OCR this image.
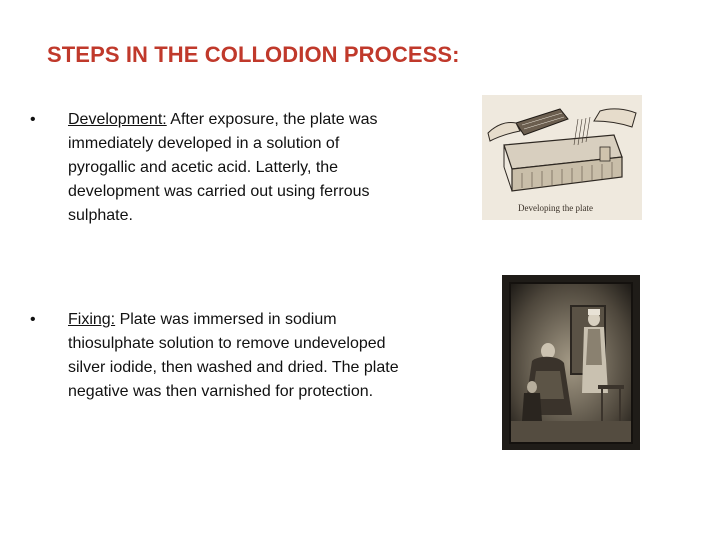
STEPS IN THE COLLODION PROCESS:
•	Development: After exposure, the plate was immediately developed in a solution of pyrogallic and acetic acid. Latterly, the development was carried out using ferrous sulphate.
•	Fixing: Plate was immersed in sodium thiosulphate solution to remove undeveloped silver iodide, then washed and dried. The plate negative was then varnished for protection.
Developing the plate
